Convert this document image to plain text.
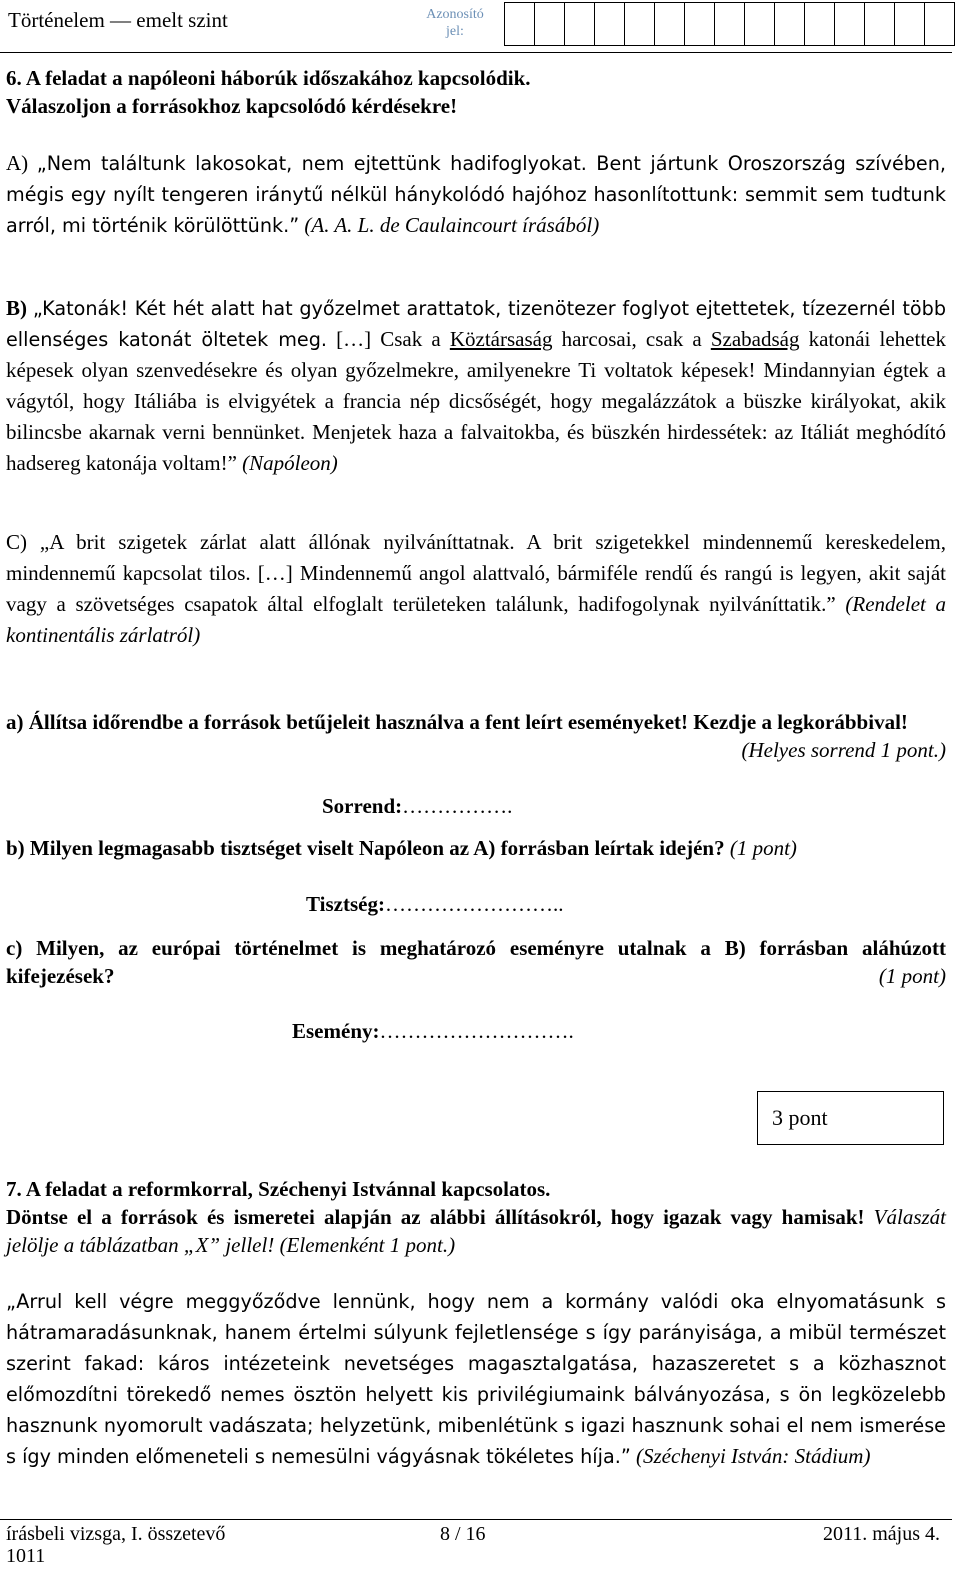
Történelem — emelt szint	Azonosító
jel:
6. A feladat a napóleoni háborúk időszakához kapcsolódik.
Válaszoljon a forrásokhoz kapcsolódó kérdésekre!
A) „Nem találtunk lakosokat, nem ejtettünk hadifoglyokat. Bent jártunk Oroszország szívében, mégis egy nyílt tengeren iránytű nélkül hánykolódó hajóhoz hasonlítottunk: semmit sem tudtunk arról, mi történik körülöttünk.” (A. A. L. de Caulaincourt írásából)
B) „Katonák! Két hét alatt hat győzelmet arattatok, tizenötezer foglyot ejtettetek, tízezernél több ellenséges katonát öltetek meg. […] Csak a Köztársaság harcosai, csak a Szabadság katonái lehettek képesek olyan szenvedésekre és olyan győzelmekre, amilyenekre Ti voltatok képesek! Mindannyian égtek a vágytól, hogy Itáliába is elvigyétek a francia nép dicsőségét, hogy megalázzátok a büszke királyokat, akik bilincsbe akarnak verni bennünket. Menjetek haza a falvaitokba, és büszkén hirdessétek: az Itáliát meghódító hadsereg katonája voltam!” (Napóleon)
C) „A brit szigetek zárlat alatt állónak nyilváníttatnak. A brit szigetekkel mindennemű kereskedelem, mindennemű kapcsolat tilos. […] Mindennemű angol alattvaló, bármiféle rendű és rangú is legyen, akit saját vagy a szövetséges csapatok által elfoglalt területeken találunk, hadifogolynak nyilváníttatik.” (Rendelet a kontinentális zárlatról)
a) Állítsa időrendbe a források betűjeleit használva a fent leírt eseményeket! Kezdje a legkorábbival!
(Helyes sorrend 1 pont.)
Sorrend:…………….
b) Milyen legmagasabb tisztséget viselt Napóleon az A) forrásban leírtak idején? (1 pont)
Tisztség:……………………..
c) Milyen, az európai történelmet is meghatározó eseményre utalnak a B) forrásban aláhúzott kifejezések?	(1 pont)
Esemény:……………………….
3 pont
7. A feladat a reformkorral, Széchenyi Istvánnal kapcsolatos.
Döntse el a források és ismeretei alapján az alábbi állításokról, hogy igazak vagy hamisak! Válaszát jelölje a táblázatban „X” jellel! (Elemenként 1 pont.)
„Arrul kell végre meggyőződve lennünk, hogy nem a kormány valódi oka elnyomatásunk s hátramaradásunknak, hanem értelmi súlyunk fejletlensége s így parányisága, a mibül természet szerint fakad: káros intézeteink nevetséges magasztalgatása, hazaszeretet s a közhasznot előmozdítni törekedő nemes ösztön helyett kis privilégiumaink bálványozása, s ön legközelebb hasznunk nyomorult vadászata; helyzetünk, mibenlétünk s igazi hasznunk sohai el nem ismerése s így minden előmeneteli s nemesülni vágyásnak tökéletes híja.” (Széchenyi István: Stádium)
írásbeli vizsga, I. összetevő
1011
8 / 16	2011. május 4.
